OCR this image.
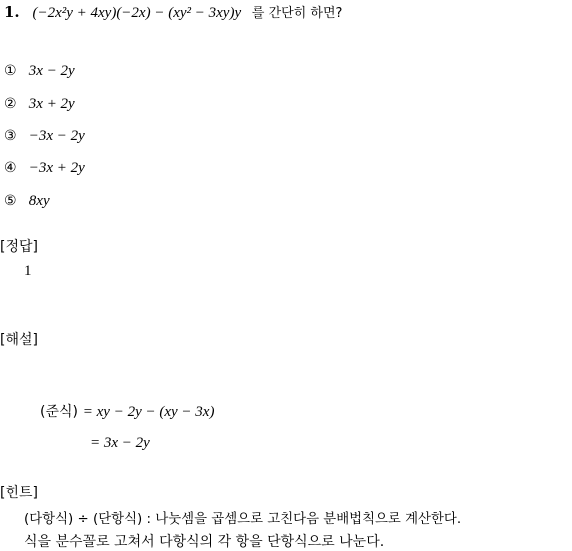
1. (−2x²y + 4xy)(−2x) − (xy² − 3xy)y 를 간단히 하면?
① 3x − 2y
② 3x + 2y
③ −3x − 2y
④ −3x + 2y
⑤ 8xy
[정답]
1
[해설]
(준식) = xy − 2y − (xy − 3x)
= 3x − 2y
[힌트]
(다항식) ÷ (단항식) : 나눗셈을 곱셈으로 고친다음 분배법칙으로 계산한다.
식을 분수꼴로 고쳐서 다항식의 각 항을 단항식으로 나눈다.
